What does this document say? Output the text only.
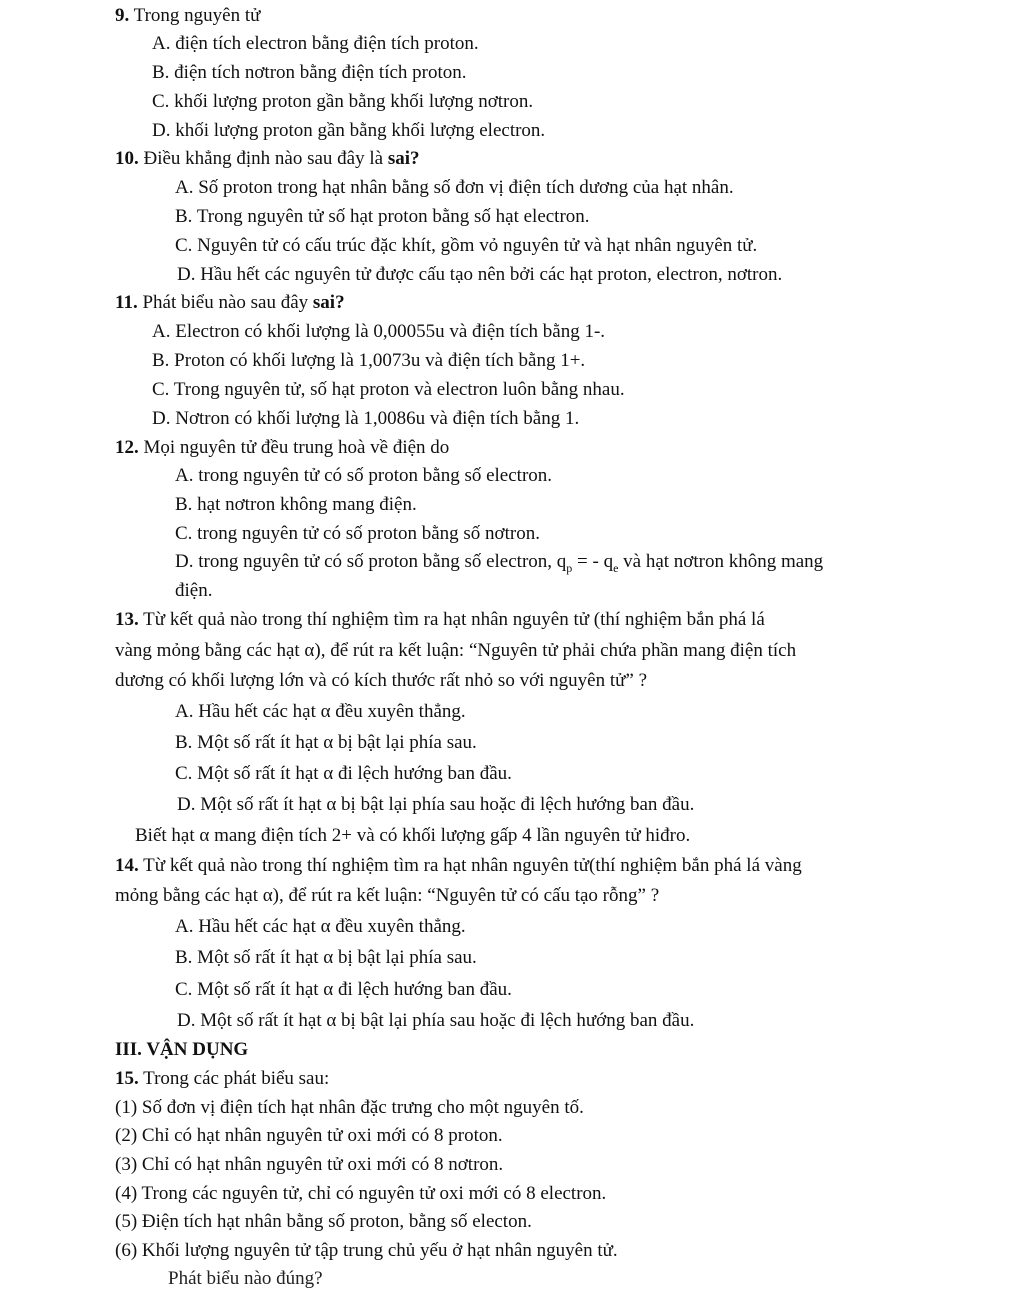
9. Trong nguyên tử
A. điện tích electron bằng điện tích proton.
B. điện tích nơtron bằng điện tích proton.
C. khối lượng proton gần bằng khối lượng nơtron.
D. khối lượng proton gần bằng khối lượng electron.
10. Điều khẳng định nào sau đây là sai?
A. Số proton trong hạt nhân bằng số đơn vị điện tích dương của hạt nhân.
B. Trong nguyên tử số hạt proton bằng số hạt electron.
C. Nguyên tử có cấu trúc đặc khít, gồm vỏ nguyên tử và hạt nhân nguyên tử.
D. Hầu hết các nguyên tử được cấu tạo nên bởi các hạt proton, electron, nơtron.
11. Phát biểu nào sau đây sai?
A. Electron có khối lượng là 0,00055u và điện tích bằng 1-.
B. Proton có khối lượng là 1,0073u và điện tích bằng 1+.
C. Trong nguyên tử, số hạt proton và electron luôn bằng nhau.
D. Nơtron có khối lượng là 1,0086u và điện tích bằng 1.
12. Mọi nguyên tử đều trung hoà về điện do
A. trong nguyên tử có số proton bằng số electron.
B. hạt nơtron không mang điện.
C. trong nguyên tử có số proton bằng số nơtron.
D. trong nguyên tử có số proton bằng số electron, $q_p$ = - $q_e$ và hạt nơtron không mang
điện.
13. Từ kết quả nào trong thí nghiệm tìm ra hạt nhân nguyên tử (thí nghiệm bắn phá lá
vàng mỏng bằng các hạt α), để rút ra kết luận: “Nguyên tử phải chứa phần mang điện tích
dương có khối lượng lớn và có kích thước rất nhỏ so với nguyên tử” ?
A. Hầu hết các hạt α đều xuyên thẳng.
B. Một số rất ít hạt α bị bật lại phía sau.
C. Một số rất ít hạt α đi lệch hướng ban đầu.
D. Một số rất ít hạt α bị bật lại phía sau hoặc đi lệch hướng ban đầu.
Biết hạt α mang điện tích 2+ và có khối lượng gấp 4 lần nguyên tử hiđro.
14. Từ kết quả nào trong thí nghiệm tìm ra hạt nhân nguyên tử(thí nghiệm bắn phá lá vàng
mỏng bằng các hạt α), để rút ra kết luận: “Nguyên tử có cấu tạo rỗng” ?
A. Hầu hết các hạt α đều xuyên thẳng.
B. Một số rất ít hạt α bị bật lại phía sau.
C. Một số rất ít hạt α đi lệch hướng ban đầu.
D. Một số rất ít hạt α bị bật lại phía sau hoặc đi lệch hướng ban đầu.
III. VẬN DỤNG
15. Trong các phát biểu sau:
(1) Số đơn vị điện tích hạt nhân đặc trưng cho một nguyên tố.
(2) Chỉ có hạt nhân nguyên tử oxi mới có 8 proton.
(3) Chỉ có hạt nhân nguyên tử oxi mới có 8 nơtron.
(4) Trong các nguyên tử, chỉ có nguyên tử oxi mới có 8 electron.
(5) Điện tích hạt nhân bằng số proton, bằng số electon.
(6) Khối lượng nguyên tử tập trung chủ yếu ở hạt nhân nguyên tử.
Phát biểu nào đúng?
